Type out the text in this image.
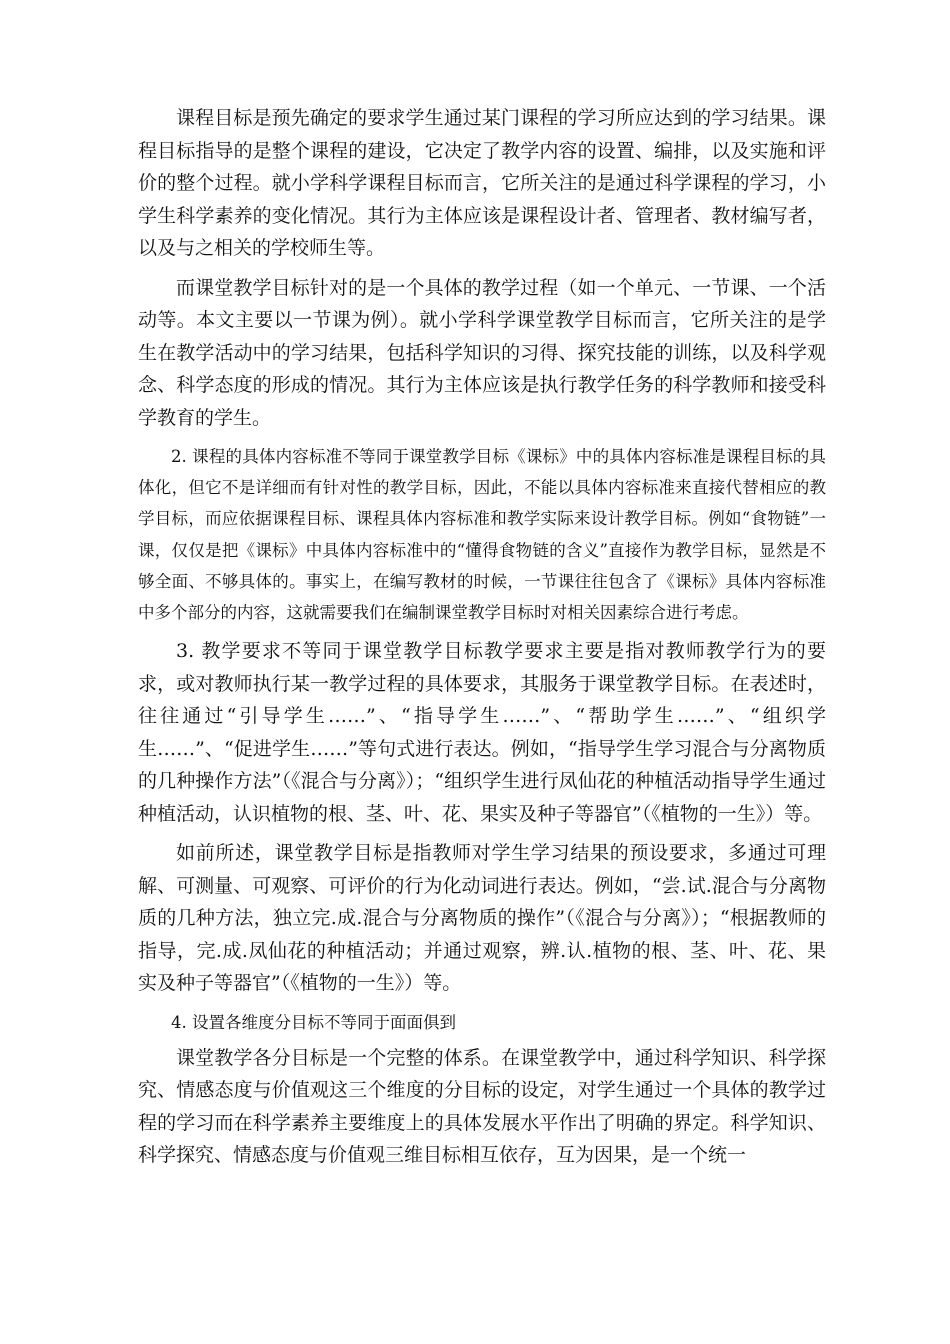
课程目标是预先确定的要求学生通过某门课程的学习所应达到的学习结果。课程目标指导的是整个课程的建设，它决定了教学内容的设置、编排，以及实施和评价的整个过程。就小学科学课程目标而言，它所关注的是通过科学课程的学习，小学生科学素养的变化情况。其行为主体应该是课程设计者、管理者、教材编写者，以及与之相关的学校师生等。

而课堂教学目标针对的是一个具体的教学过程（如一个单元、一节课、一个活动等。本文主要以一节课为例）。就小学科学课堂教学目标而言，它所关注的是学生在教学活动中的学习结果，包括科学知识的习得、探究技能的训练，以及科学观念、科学态度的形成的情况。其行为主体应该是执行教学任务的科学教师和接受科学教育的学生。

2. 课程的具体内容标准不等同于课堂教学目标《课标》中的具体内容标准是课程目标的具体化，但它不是详细而有针对性的教学目标，因此，不能以具体内容标准来直接代替相应的教学目标，而应依据课程目标、课程具体内容标准和教学实际来设计教学目标。例如“食物链”一课，仅仅是把《课标》中具体内容标准中的“懂得食物链的含义”直接作为教学目标，显然是不够全面、不够具体的。事实上，在编写教材的时候，一节课往往包含了《课标》具体内容标准中多个部分的内容，这就需要我们在编制课堂教学目标时对相关因素综合进行考虑。

3. 教学要求不等同于课堂教学目标教学要求主要是指对教师教学行为的要求，或对教师执行某一教学过程的具体要求，其服务于课堂教学目标。在表述时，往往通过“引导学生……”、“指导学生……”、“帮助学生……”、“组织学生……”、“促进学生……”等句式进行表达。例如，“指导学生学习混合与分离物质的几种操作方法”（《混合与分离》）；“组织学生进行凤仙花的种植活动指导学生通过种植活动，认识植物的根、茎、叶、花、果实及种子等器官”（《植物的一生》）等。

如前所述，课堂教学目标是指教师对学生学习结果的预设要求，多通过可理解、可测量、可观察、可评价的行为化动词进行表达。例如，“尝.试.混合与分离物质的几种方法，独立完.成.混合与分离物质的操作”（《混合与分离》）；“根据教师的指导，完.成.凤仙花的种植活动；并通过观察，辨.认.植物的根、茎、叶、花、果实及种子等器官”（《植物的一生》）等。

4. 设置各维度分目标不等同于面面俱到

课堂教学各分目标是一个完整的体系。在课堂教学中，通过科学知识、科学探究、情感态度与价值观这三个维度的分目标的设定，对学生通过一个具体的教学过程的学习而在科学素养主要维度上的具体发展水平作出了明确的界定。科学知识、科学探究、情感态度与价值观三维目标相互依存，互为因果，是一个统一
